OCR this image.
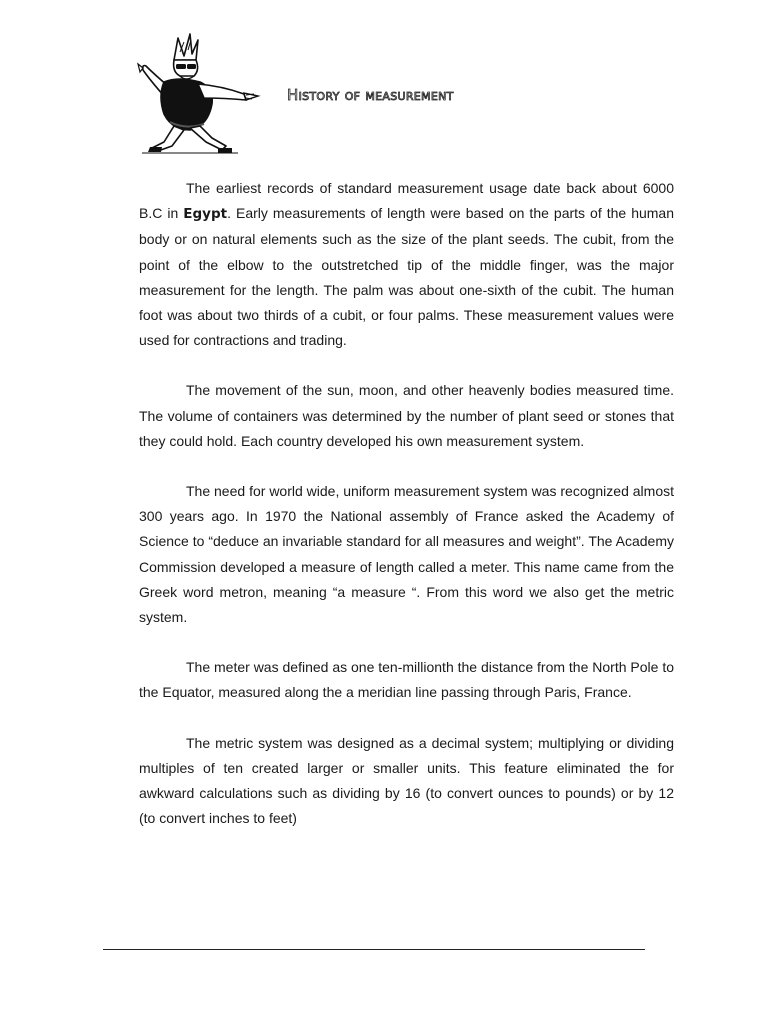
History of measurement

The earliest records of standard measurement usage date back about 6000 B.C in Egypt. Early measurements of length were based on the parts of the human body or on natural elements such as the size of the plant seeds. The cubit, from the point of the elbow to the outstretched tip of the middle finger, was the major measurement for the length. The palm was about one-sixth of the cubit. The human foot was about two thirds of a cubit, or four palms. These measurement values were used for contractions and trading.

The movement of the sun, moon, and other heavenly bodies measured time. The volume of containers was determined by the number of plant seed or stones that they could hold. Each country developed his own measurement system.

The need for world wide, uniform measurement system was recognized almost 300 years ago. In 1970 the National assembly of France asked the Academy of Science to “deduce an invariable standard for all measures and weight”. The Academy Commission developed a measure of length called a meter. This name came from the Greek word metron, meaning “a measure “. From this word we also get the metric system.

The meter was defined as one ten-millionth the distance from the North Pole to the Equator, measured along the a meridian line passing through Paris, France.

The metric system was designed as a decimal system; multiplying or dividing multiples of ten created larger or smaller units. This feature eliminated the for awkward calculations such as dividing by 16 (to convert ounces to pounds) or by 12 (to convert inches to feet)
